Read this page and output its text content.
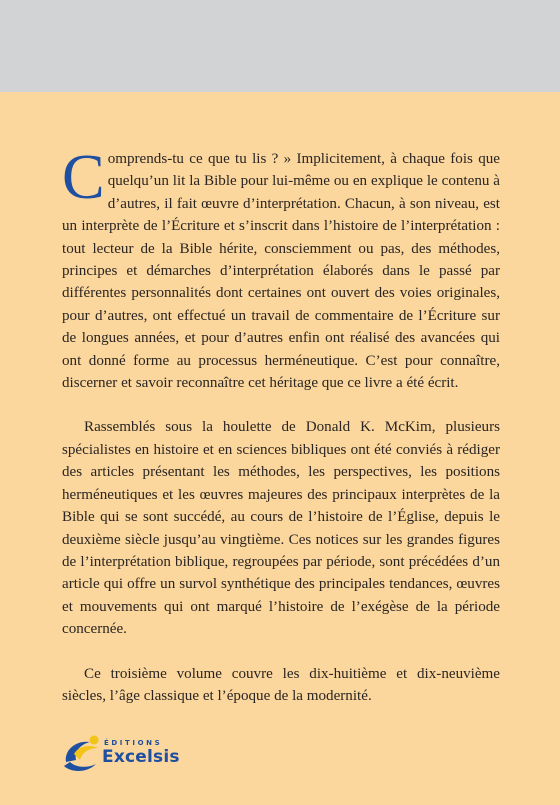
Comprends-tu ce que tu lis ? » Implicitement, à chaque fois que quelqu’un lit la Bible pour lui-même ou en explique le contenu à d’autres, il fait œuvre d’interprétation. Chacun, à son niveau, est un interprète de l’Écriture et s’inscrit dans l’histoire de l’interprétation : tout lecteur de la Bible hérite, consciemment ou pas, des méthodes, principes et démarches d’interprétation élaborés dans le passé par différentes personnalités dont certaines ont ouvert des voies originales, pour d’autres, ont effectué un travail de commentaire de l’Écriture sur de longues années, et pour d’autres enfin ont réalisé des avancées qui ont donné forme au processus herméneutique. C’est pour connaître, discerner et savoir reconnaître cet héritage que ce livre a été écrit.

Rassemblés sous la houlette de Donald K. McKim, plusieurs spécialistes en histoire et en sciences bibliques ont été conviés à rédiger des articles présentant les méthodes, les perspectives, les positions herméneutiques et les œuvres majeures des principaux interprètes de la Bible qui se sont succédé, au cours de l’histoire de l’Église, depuis le deuxième siècle jusqu’au vingtième. Ces notices sur les grandes figures de l’interprétation biblique, regroupées par période, sont précédées d’un article qui offre un survol synthétique des principales tendances, œuvres et mouvements qui ont marqué l’histoire de l’exégèse de la période concernée.

Ce troisième volume couvre les dix-huitième et dix-neuvième siècles, l’âge classique et l’époque de la modernité.

ÉDITIONS
Excelsis
